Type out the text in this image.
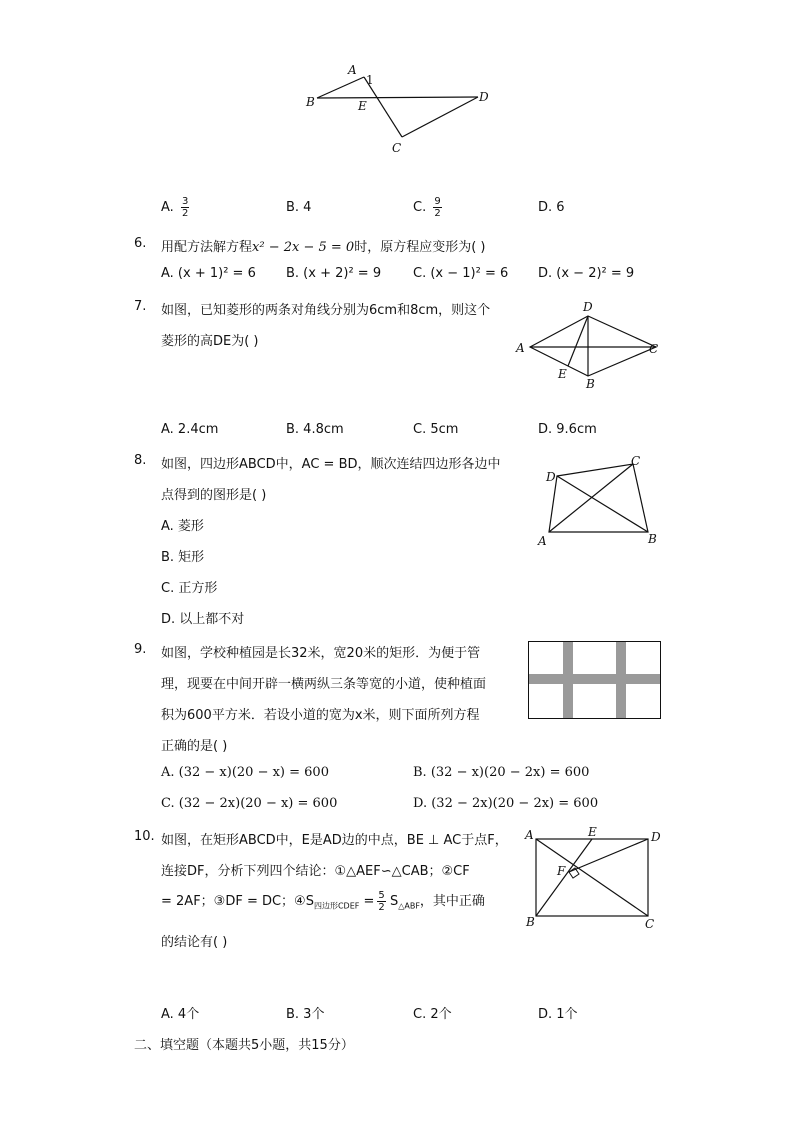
A
1
B	E
D
C
A. $\frac{3}{2}$	B. 4	C. $\frac{9}{2}$	D. 6
6. 用配方法解方程x² − 2x − 5 = 0时，原方程应变形为( )
A. (x + 1)² = 6 B. (x + 2)² = 9 C. (x − 1)² = 6 D. (x − 2)² = 9
7. 如图，已知菱形的两条对角线分别为6cm和8cm，则这个
菱形的高DE为( )
D
A	C
E
B
A. 2.4cm	B. 4.8cm	C. 5cm	D. 9.6cm
8. 如图，四边形ABCD中，AC = BD，顺次连结四边形各边中
点得到的图形是( )
A. 菱形
B. 矩形
C. 正方形
D. 以上都不对
D
C
A	B
9. 如图，学校种植园是长32米，宽20米的矩形．为便于管
理，现要在中间开辟一横两纵三条等宽的小道，使种植面
积为600平方米．若设小道的宽为x米，则下面所列方程
正确的是( )
A. (32 − x)(20 − x) = 600	B. (32 − x)(20 − 2x) = 600
C. (32 − 2x)(20 − x) = 600	D. (32 − 2x)(20 − 2x) = 600
10. 如图，在矩形ABCD中，E是AD边的中点，BE ⊥ AC于点F，
连接DF，分析下列四个结论：①△AEF∽△CAB；②CF
= 2AF；③DF = DC；$④S_{四边形CDEF} = \frac{5}{2} S_{\triangle ABF}$，其中正确
的结论有( )
A	E	D
F
B	C
A. 4个	B. 3个	C. 2个	D. 1个
二、填空题（本题共5小题，共15分）
